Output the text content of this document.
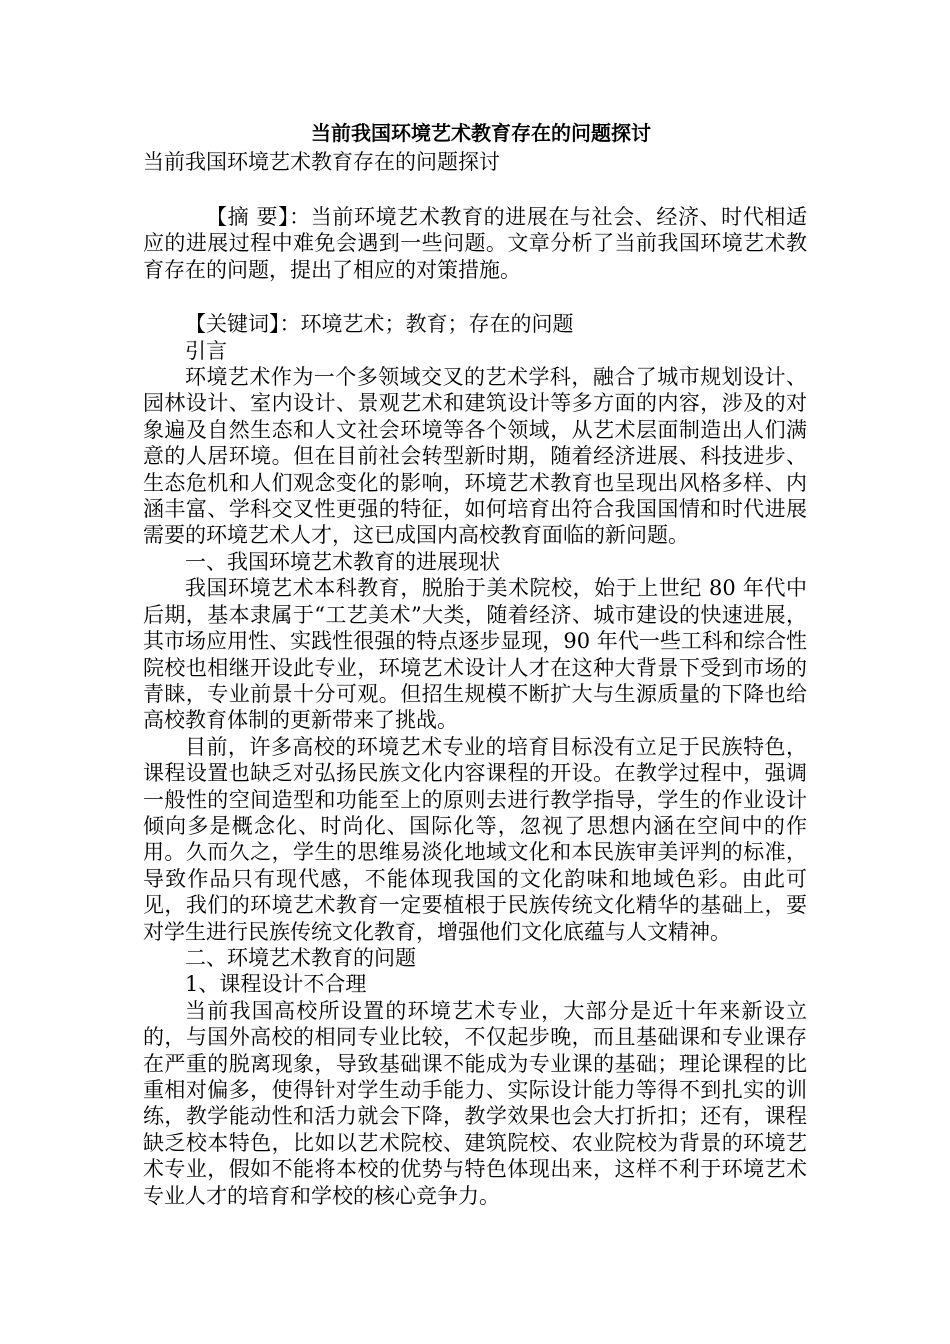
当前我国环境艺术教育存在的问题探讨

当前我国环境艺术教育存在的问题探讨

【摘 要】：当前环境艺术教育的进展在与社会、经济、时代相适应的进展过程中难免会遇到一些问题。文章分析了当前我国环境艺术教育存在的问题，提出了相应的对策措施。

【关键词】：环境艺术；教育；存在的问题

引言

环境艺术作为一个多领域交叉的艺术学科，融合了城市规划设计、园林设计、室内设计、景观艺术和建筑设计等多方面的内容，涉及的对象遍及自然生态和人文社会环境等各个领域，从艺术层面制造出人们满意的人居环境。但在目前社会转型新时期，随着经济进展、科技进步、生态危机和人们观念变化的影响，环境艺术教育也呈现出风格多样、内涵丰富、学科交叉性更强的特征，如何培育出符合我国国情和时代进展需要的环境艺术人才，这已成国内高校教育面临的新问题。

一、我国环境艺术教育的进展现状

我国环境艺术本科教育，脱胎于美术院校，始于上世纪 80 年代中后期，基本隶属于“工艺美术”大类，随着经济、城市建设的快速进展，其市场应用性、实践性很强的特点逐步显现，90 年代一些工科和综合性院校也相继开设此专业，环境艺术设计人才在这种大背景下受到市场的青睐，专业前景十分可观。但招生规模不断扩大与生源质量的下降也给高校教育体制的更新带来了挑战。

目前，许多高校的环境艺术专业的培育目标没有立足于民族特色，课程设置也缺乏对弘扬民族文化内容课程的开设。在教学过程中，强调一般性的空间造型和功能至上的原则去进行教学指导，学生的作业设计倾向多是概念化、时尚化、国际化等，忽视了思想内涵在空间中的作用。久而久之，学生的思维易淡化地域文化和本民族审美评判的标准，导致作品只有现代感，不能体现我国的文化韵味和地域色彩。由此可见，我们的环境艺术教育一定要植根于民族传统文化精华的基础上，要对学生进行民族传统文化教育，增强他们文化底蕴与人文精神。

二、环境艺术教育的问题

1、课程设计不合理

当前我国高校所设置的环境艺术专业，大部分是近十年来新设立的，与国外高校的相同专业比较，不仅起步晚，而且基础课和专业课存在严重的脱离现象，导致基础课不能成为专业课的基础；理论课程的比重相对偏多，使得针对学生动手能力、实际设计能力等得不到扎实的训练，教学能动性和活力就会下降，教学效果也会大打折扣；还有，课程缺乏校本特色，比如以艺术院校、建筑院校、农业院校为背景的环境艺术专业，假如不能将本校的优势与特色体现出来，这样不利于环境艺术专业人才的培育和学校的核心竞争力。
